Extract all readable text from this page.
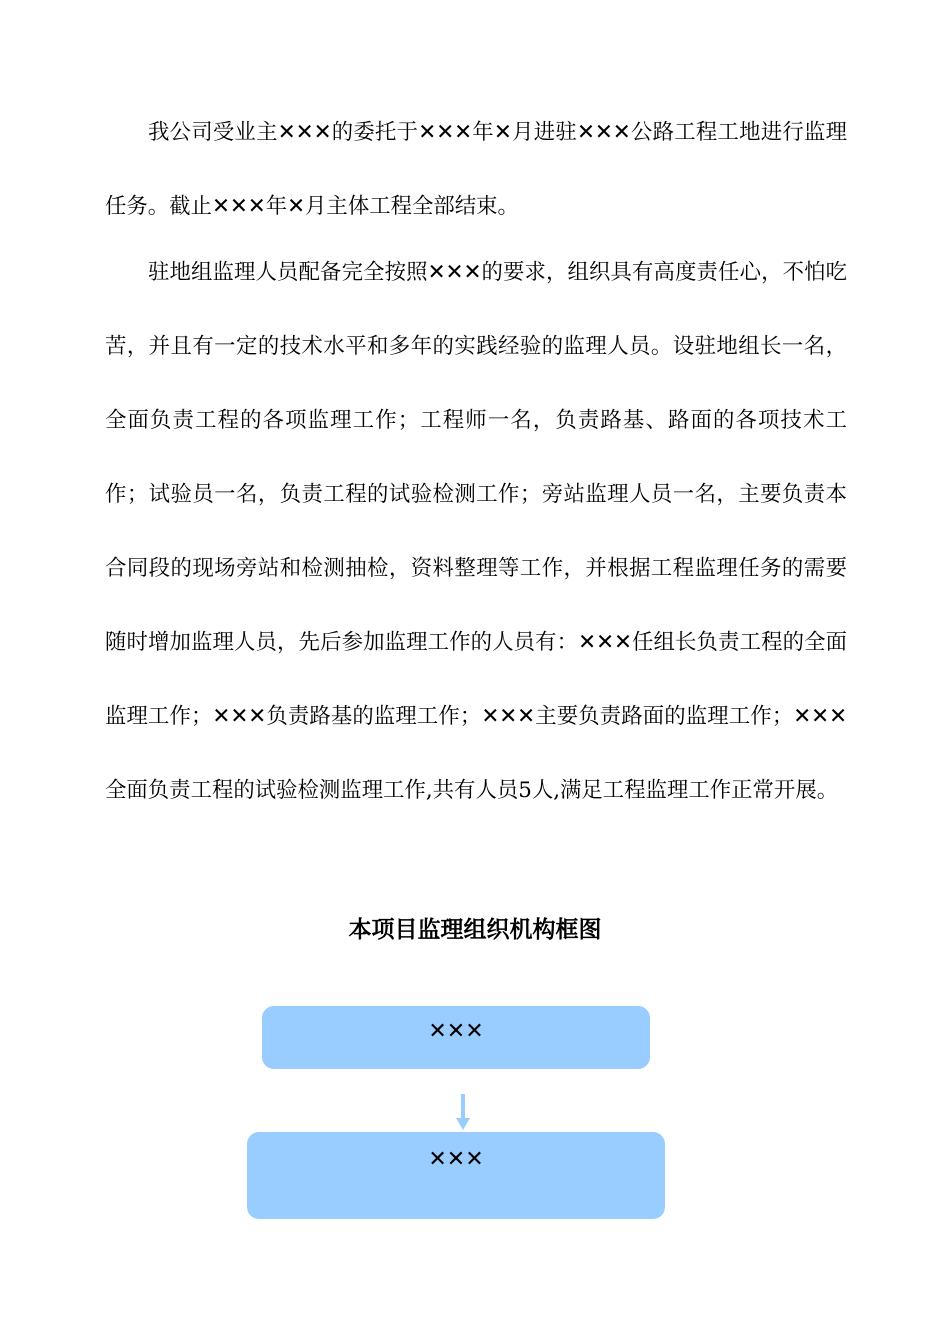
我公司受业主✕✕✕的委托于✕✕✕年✕月进驻✕✕✕公路工程工地进行监理任务。截止✕✕✕年✕月主体工程全部结束。

驻地组监理人员配备完全按照✕✕✕的要求，组织具有高度责任心，不怕吃苦，并且有一定的技术水平和多年的实践经验的监理人员。设驻地组长一名，全面负责工程的各项监理工作；工程师一名，负责路基、路面的各项技术工作；试验员一名，负责工程的试验检测工作；旁站监理人员一名，主要负责本合同段的现场旁站和检测抽检，资料整理等工作，并根据工程监理任务的需要随时增加监理人员，先后参加监理工作的人员有：✕✕✕任组长负责工程的全面监理工作；✕✕✕负责路基的监理工作；✕✕✕主要负责路面的监理工作；✕✕✕全面负责工程的试验检测监理工作,共有人员5人,满足工程监理工作正常开展。

本项目监理组织机构框图
✕✕✕
✕✕✕
